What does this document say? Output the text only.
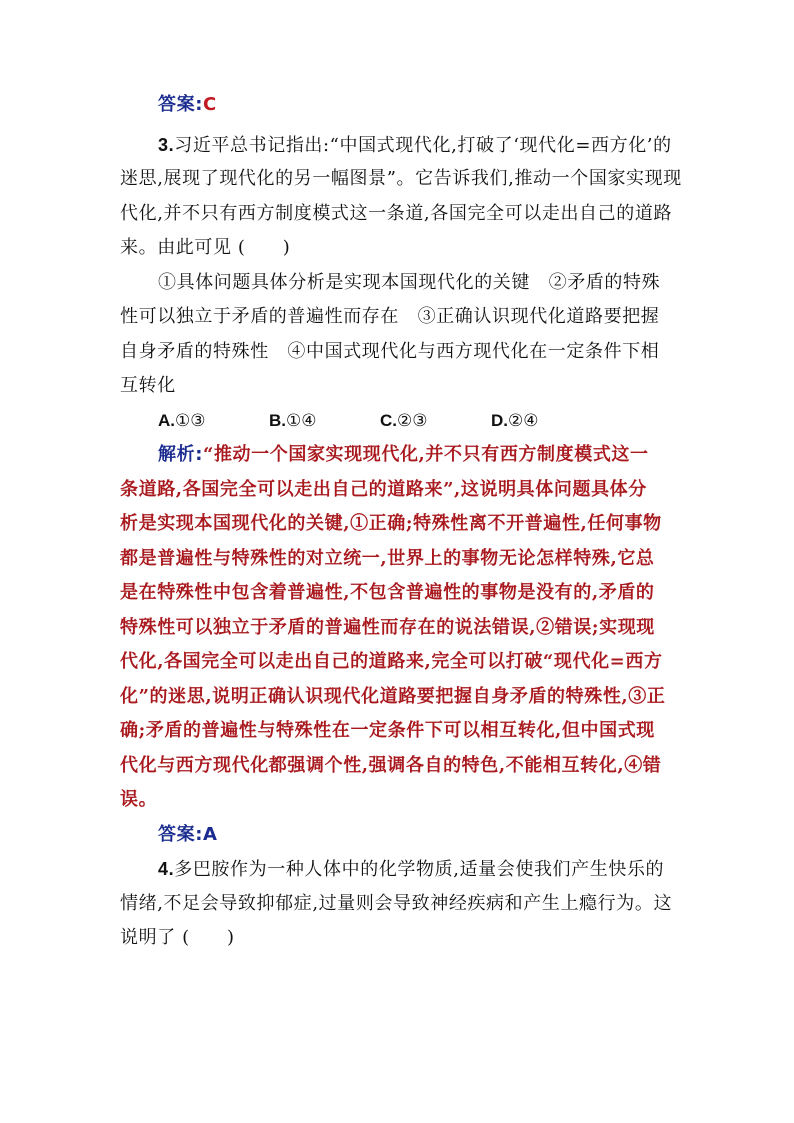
答案:C
3.习近平总书记指出:“中国式现代化,打破了‘现代化=西方化’的
迷思,展现了现代化的另一幅图景”。它告诉我们,推动一个国家实现现
代化,并不只有西方制度模式这一条道,各国完全可以走出自己的道路
来。由此可见 (　　)
①具体问题具体分析是实现本国现代化的关键　②矛盾的特殊
性可以独立于矛盾的普遍性而存在　③正确认识现代化道路要把握
自身矛盾的特殊性　④中国式现代化与西方现代化在一定条件下相
互转化
A.①③	B.①④	C.②③	D.②④
解析:“推动一个国家实现现代化,并不只有西方制度模式这一
条道路,各国完全可以走出自己的道路来”,这说明具体问题具体分
析是实现本国现代化的关键,①正确;特殊性离不开普遍性,任何事物
都是普遍性与特殊性的对立统一,世界上的事物无论怎样特殊,它总
是在特殊性中包含着普遍性,不包含普遍性的事物是没有的,矛盾的
特殊性可以独立于矛盾的普遍性而存在的说法错误,②错误;实现现
代化,各国完全可以走出自己的道路来,完全可以打破“现代化=西方
化”的迷思,说明正确认识现代化道路要把握自身矛盾的特殊性,③正
确;矛盾的普遍性与特殊性在一定条件下可以相互转化,但中国式现
代化与西方现代化都强调个性,强调各自的特色,不能相互转化,④错
误。
答案:A
4.多巴胺作为一种人体中的化学物质,适量会使我们产生快乐的
情绪,不足会导致抑郁症,过量则会导致神经疾病和产生上瘾行为。这
说明了 (　　)
